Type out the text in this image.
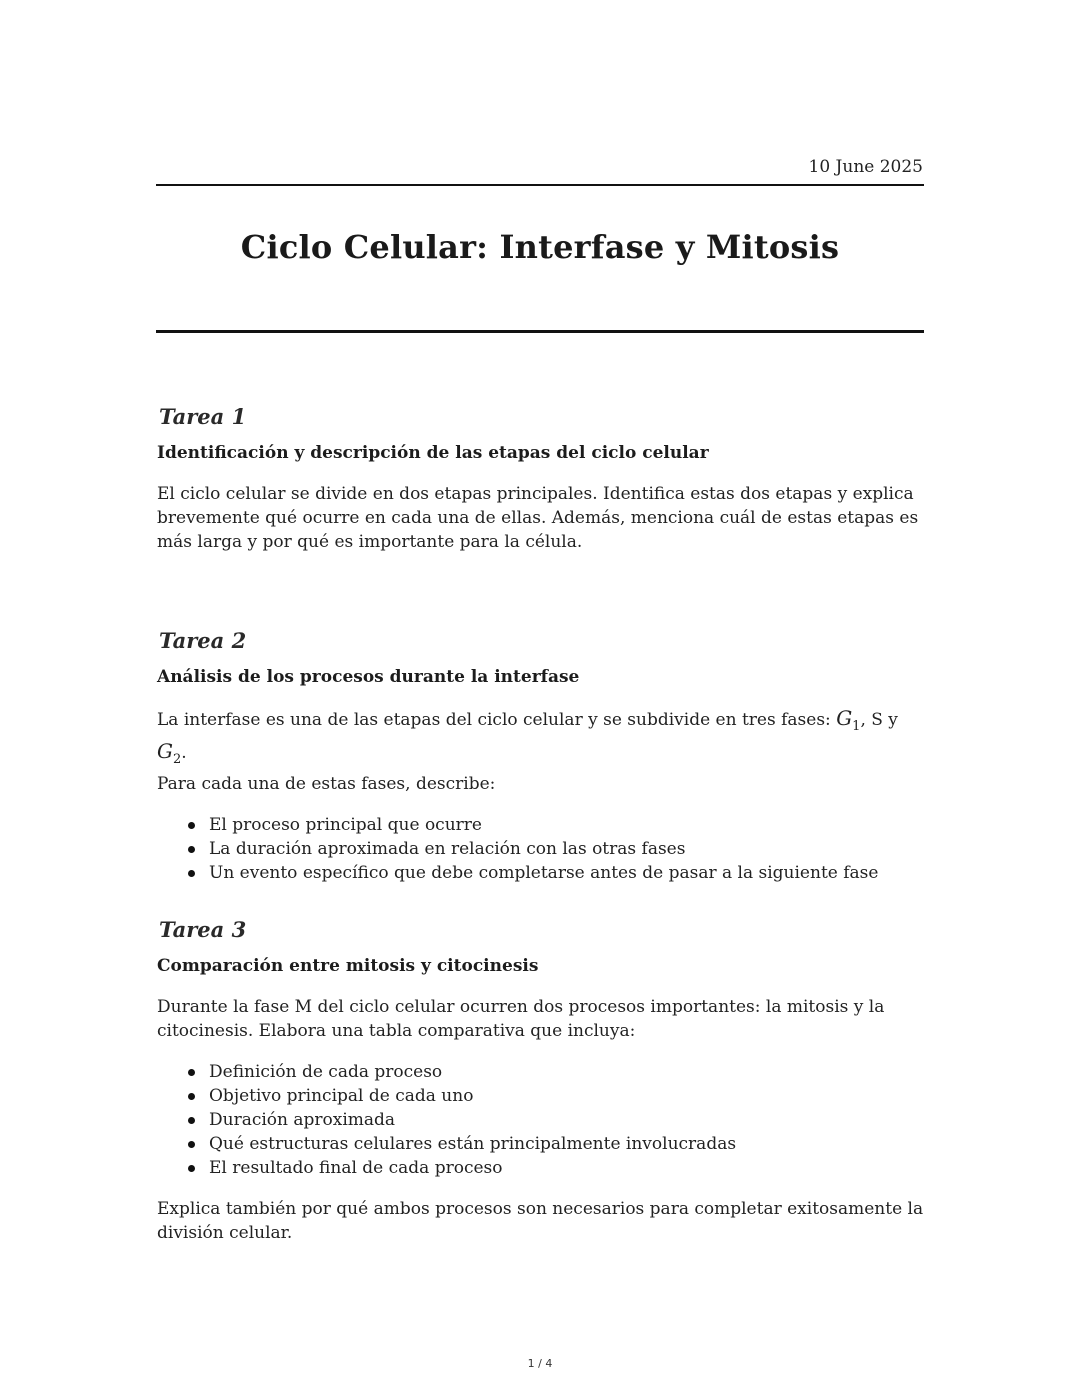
10 June 2025
Ciclo Celular: Interfase y Mitosis
Tarea 1
Identificación y descripción de las etapas del ciclo celular
El ciclo celular se divide en dos etapas principales. Identifica estas dos etapas y explica brevemente qué ocurre en cada una de ellas. Además, menciona cuál de estas etapas es más larga y por qué es importante para la célula.
Tarea 2
Análisis de los procesos durante la interfase
La interfase es una de las etapas del ciclo celular y se subdivide en tres fases: $G_1$, S y $G_2$.
Para cada una de estas fases, describe:
El proceso principal que ocurre
La duración aproximada en relación con las otras fases
Un evento específico que debe completarse antes de pasar a la siguiente fase
Tarea 3
Comparación entre mitosis y citocinesis
Durante la fase M del ciclo celular ocurren dos procesos importantes: la mitosis y la citocinesis. Elabora una tabla comparativa que incluya:
Definición de cada proceso
Objetivo principal de cada uno
Duración aproximada
Qué estructuras celulares están principalmente involucradas
El resultado final de cada proceso
Explica también por qué ambos procesos son necesarios para completar exitosamente la división celular.
1 / 4
